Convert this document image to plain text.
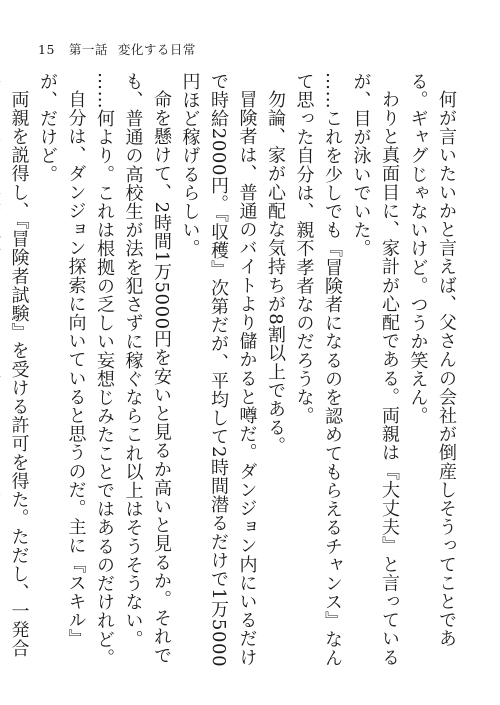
15 第一話 変化する日常

何が言いたいかと言えば、父さんの会社が倒産しそうってことである。ギャグじゃないけど。つうか笑えん。

わりと真面目に、家計が心配である。両親は『大丈夫』と言っているが、目が泳いでいた。

……これを少しでも『冒険者になるのを認めてもらえるチャンス』なんて思った自分は、親不孝者なのだろうな。

勿論、家が心配な気持ちが8割以上である。

冒険者は、普通のバイトより儲かると噂だ。ダンジョン内にいるだけで時給2000円。『収穫』次第だが、平均して2時間潜るだけで1万5000円ほど稼げるらしい。

命を懸けて、2時間1万5000円を安いと見るか高いと見るか。それでも、普通の高校生が法を犯さずに稼ぐならこれ以上はそうそうない。

……何より。これは根拠の乏しい妄想じみたことではあるのだけれど。

自分は、ダンジョン探索に向いていると思うのだ。主に『スキル』が、だけど。

両親を説得し、『冒険者試験』を受ける許可を得た。ただし、一発合
